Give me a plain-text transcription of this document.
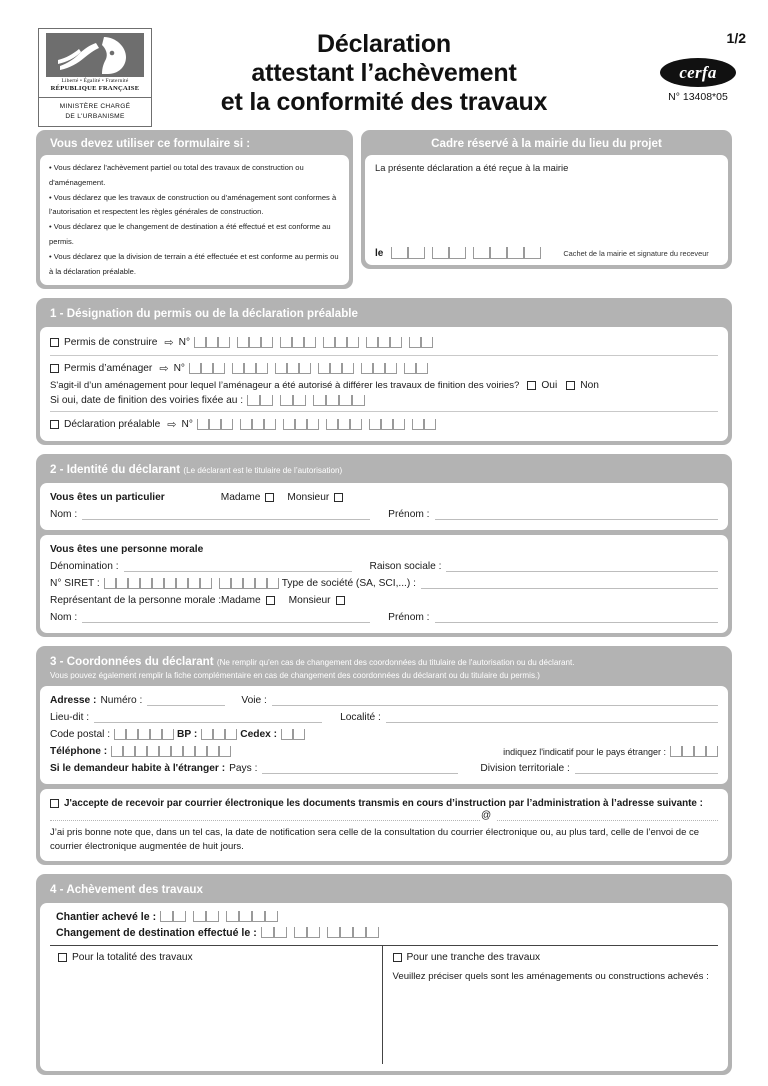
Liberté • Égalité • Fraternité
RÉPUBLIQUE FRANÇAISE
MINISTÈRE CHARGÉ
DE L'URBANISME
Déclaration
attestant l’achèvement
et la conformité des travaux
1/2
cerfa
N° 13408*05
Vous devez utiliser ce formulaire si :
• Vous déclarez l’achèvement partiel ou total des travaux de construction ou d'aménagement.
• Vous déclarez que les travaux de construction ou d’aménagement sont conformes à l’autorisation et respectent les règles générales de construction.
• Vous déclarez que le changement de destination a été effectué et est conforme au permis.
• Vous déclarez que la division de terrain a été effectuée et est conforme au permis ou à la déclaration préalable.
Cadre réservé à la mairie du lieu du projet
La présente déclaration a été reçue à la mairie
le	Cachet de la mairie et signature du receveur
1 - Désignation du permis ou de la déclaration préalable
Permis de construire ⇨ N°
Permis d’aménager ⇨ N°
S'agit-il d’un aménagement pour lequel l’aménageur a été autorisé à différer les travaux de finition des voiries? Oui Non
Si oui, date de finition des voiries fixée au :
Déclaration préalable ⇨ N°
2 - Identité du déclarant (Le déclarant est le titulaire de l’autorisation)
Vous êtes un particulier	Madame	Monsieur
Nom :	Prénom :
Vous êtes une personne morale
Dénomination :	Raison sociale :
N° SIRET :	Type de société (SA, SCI,...) :
Représentant de la personne morale : Madame	Monsieur
Nom :	Prénom :
3 - Coordonnées du déclarant (Ne remplir qu'en cas de changement des coordonnées du titulaire de l'autorisation ou du déclarant.
Vous pouvez également remplir la fiche complémentaire en cas de changement des coordonnées du déclarant ou du titulaire du permis.)
Adresse : Numéro :	Voie :
Lieu-dit :	Localité :
Code postal :	BP :	Cedex :
Téléphone :	indiquez l'indicatif pour le pays étranger :
Si le demandeur habite à l'étranger : Pays :	Division territoriale :
J'accepte de recevoir par courrier électronique les documents transmis en cours d’instruction par l’administration à l’adresse suivante :
@
J’ai pris bonne note que, dans un tel cas, la date de notification sera celle de la consultation du courrier électronique ou, au plus tard, celle de l’envoi de ce courrier électronique augmentée de huit jours.
4 - Achèvement des travaux
Chantier achevé le :
Changement de destination effectué le :
Pour la totalité des travaux	Pour une tranche des travaux
Veuillez préciser quels sont les aménagements ou constructions achevés :
